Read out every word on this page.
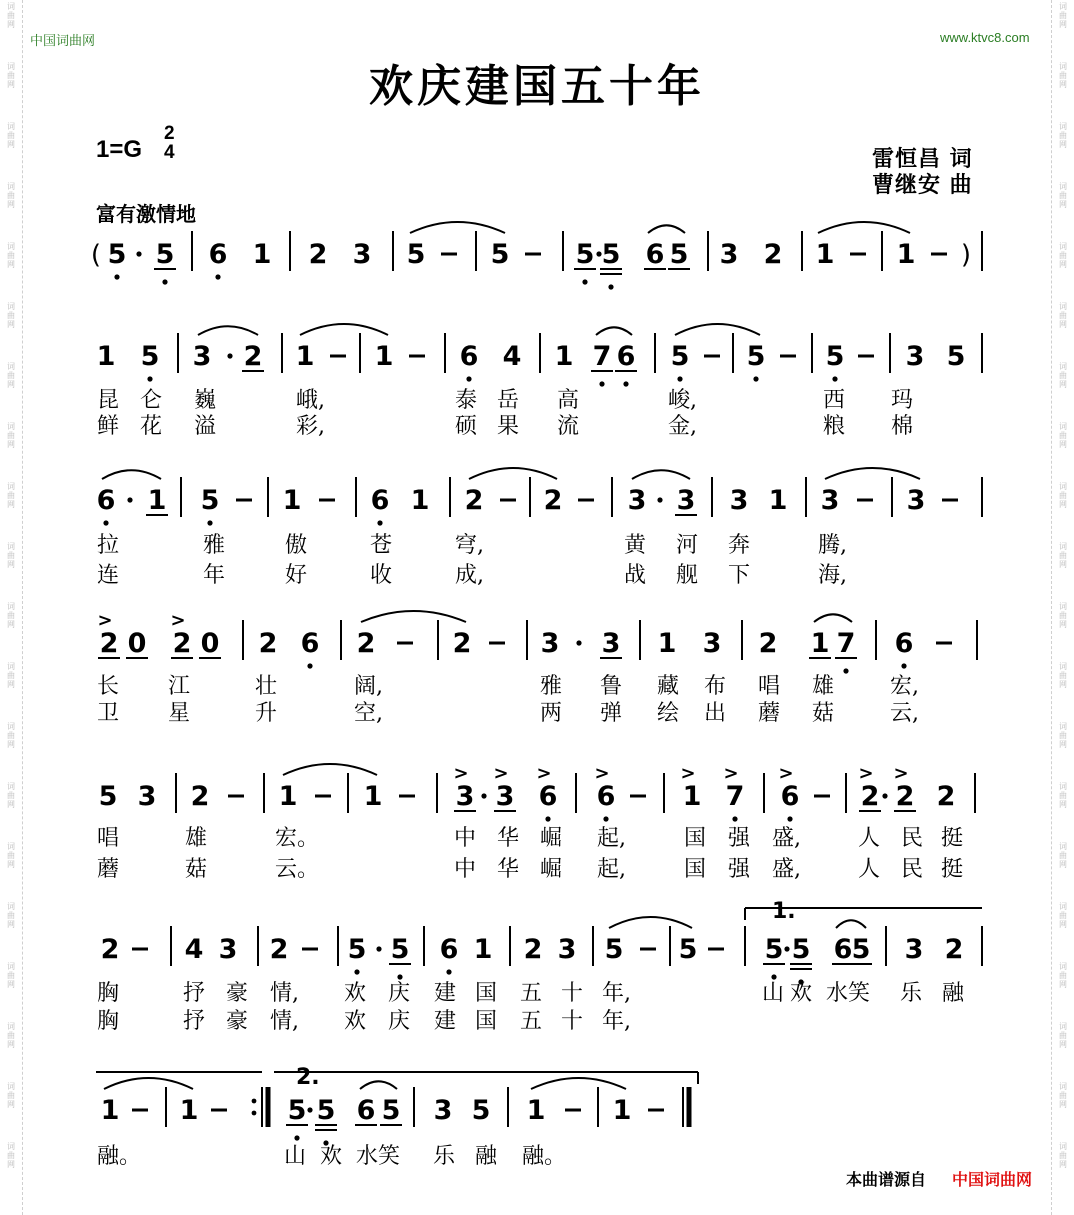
词
曲
网
词
曲
网
词
曲
网
词
曲
网
词
曲
网
词
曲
网
词
曲
网
词
曲
网
词
曲
网
词
曲
网
词
曲
网
词
曲
网
词
曲
网
词
曲
网
词
曲
网
词
曲
网
词
曲
网
词
曲
网
词
曲
网
词
曲
网
词
曲
网
词
曲
网
词
曲
网
词
曲
网
词
曲
网
词
曲
网
词
曲
网
词
曲
网
词
曲
网
词
曲
网
词
曲
网
词
曲
网
词
曲
网
词
曲
网
词
曲
网
词
曲
网
词
曲
网
词
曲
网
词
曲
网
词
曲
网
中国词曲网	www.ktvc8.com
欢庆建国五十年
1=G
2
4	雷恒昌 词
曹继安 曲
富有激情地
( 5 5 6 1 2 3 5 5 5 5 6 5 3 2 1 1 )
1 5 3 2 1 1 6 4 1 7 6 5 5 5 3 5
昆 仑 巍	峨,	泰 岳 高	峻,	西 玛
鲜 花 溢	彩,	硕 果 流	金,	粮 棉
6 1 5 1	6 1 2 2 3 3 3 1 3 3
拉	雅	傲	苍	穹,	黄 河 奔	腾,
连	年	好	收	成,	战 舰 下	海,
2
>
0 2
>
0 2 6 2	2	3 3 1 3 2 1 7 6
长 江	壮	阔,	雅 鲁 藏 布 唱 雄	宏,
卫 星	升	空,	两 弹 绘 出 蘑 菇	云,
5 3 2	1 1	3
>
3
>
6
>
6
>
1
>
7
>
6
>
2
>
2
>
2
唱	雄	宏。	中 华 崛 起,	国 强 盛,	人 民 挺
蘑	菇	云。	中 华 崛 起,	国 强 盛,	人 民 挺
2 4 3 2 5 5 6 1 2 3 5 5
1.
5 5 6 5 3 2
胸	抒 豪 情, 欢 庆 建 国 五 十 年,	山 欢 水笑 乐 融
胸	抒 豪 情, 欢 庆 建 国 五 十 年,
1 1
2.
5 5 6 5 3 5 1 1
融。	山 欢 水笑 乐 融 融。
本曲谱源自 中国词曲网
